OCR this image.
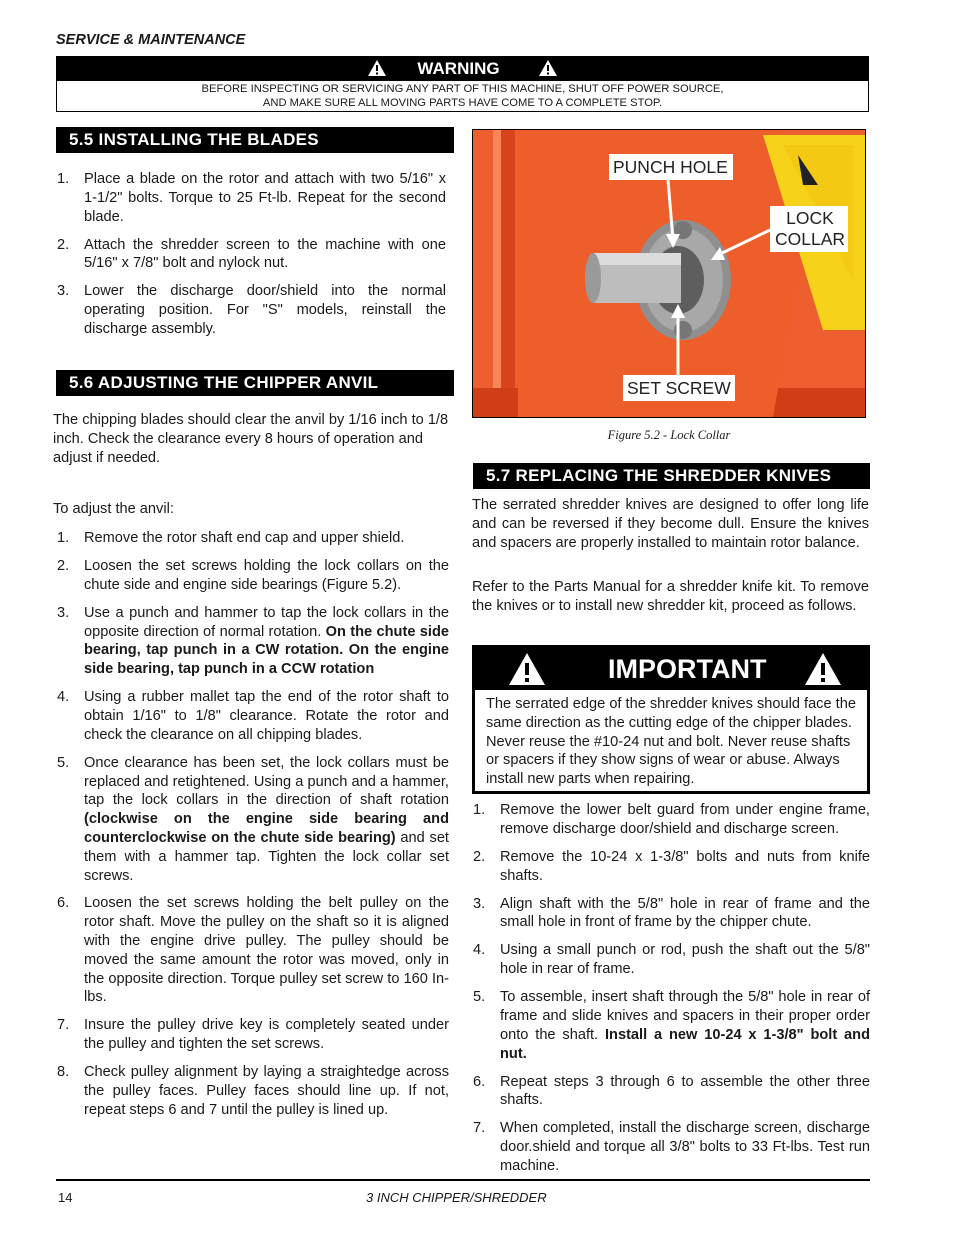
SERVICE & MAINTENANCE
WARNING
BEFORE INSPECTING OR SERVICING ANY PART OF THIS MACHINE, SHUT OFF POWER SOURCE,
AND MAKE SURE ALL MOVING PARTS HAVE COME TO A COMPLETE STOP.
5.5 INSTALLING THE BLADES
1. Place a blade on the rotor and attach with two 5/16" x 1-1/2" bolts. Torque to 25 Ft-lb. Repeat for the second blade.
2. Attach the shredder screen to the machine with one 5/16" x 7/8" bolt and nylock nut.
3. Lower the discharge door/shield into the normal operating position. For "S" models, reinstall the discharge assembly.
5.6 ADJUSTING THE CHIPPER ANVIL
The chipping blades should clear the anvil by 1/16 inch to 1/8 inch. Check the clearance every 8 hours of operation and adjust if needed.
To adjust the anvil:
1. Remove the rotor shaft end cap and upper shield.
2. Loosen the set screws holding the lock collars on the chute side and engine side bearings (Figure 5.2).
3. Use a punch and hammer to tap the lock collars in the opposite direction of normal rotation. On the chute side bearing, tap punch in a CW rotation. On the engine side bearing, tap punch in a CCW rotation
4. Using a rubber mallet tap the end of the rotor shaft to obtain 1/16" to 1/8" clearance. Rotate the rotor and check the clearance on all chipping blades.
5. Once clearance has been set, the lock collars must be replaced and retightened. Using a punch and a hammer, tap the lock collars in the direction of shaft rotation (clockwise on the engine side bearing and counterclockwise on the chute side bearing) and set them with a hammer tap. Tighten the lock collar set screws.
6. Loosen the set screws holding the belt pulley on the rotor shaft. Move the pulley on the shaft so it is aligned with the engine drive pulley. The pulley should be moved the same amount the rotor was moved, only in the opposite direction. Torque pulley set screw to 160 In-lbs.
7. Insure the pulley drive key is completely seated under the pulley and tighten the set screws.
8. Check pulley alignment by laying a straightedge across the pulley faces. Pulley faces should line up. If not, repeat steps 6 and 7 until the pulley is lined up.
PUNCH HOLE
LOCK
COLLAR
SET SCREW
Figure 5.2 - Lock Collar
5.7 REPLACING THE SHREDDER KNIVES
The serrated shredder knives are designed to offer long life and can be reversed if they become dull. Ensure the knives and spacers are properly installed to maintain rotor balance.
Refer to the Parts Manual for a shredder knife kit. To remove the knives or to install new shredder kit, proceed as follows.
IMPORTANT
The serrated edge of the shredder knives should face the same direction as the cutting edge of the chipper blades. Never reuse the #10-24 nut and bolt. Never reuse shafts or spacers if they show signs of wear or abuse. Always install new parts when repairing.
1. Remove the lower belt guard from under engine frame, remove discharge door/shield and discharge screen.
2. Remove the 10-24 x 1-3/8" bolts and nuts from knife shafts.
3. Align shaft with the 5/8" hole in rear of frame and the small hole in front of frame by the chipper chute.
4. Using a small punch or rod, push the shaft out the 5/8" hole in rear of frame.
5. To assemble, insert shaft through the 5/8" hole in rear of frame and slide knives and spacers in their proper order onto the shaft. Install a new 10-24 x 1-3/8" bolt and nut.
6. Repeat steps 3 through 6 to assemble the other three shafts.
7. When completed, install the discharge screen, discharge door.shield and torque all 3/8" bolts to 33 Ft-lbs. Test run machine.
14	3 INCH CHIPPER/SHREDDER
